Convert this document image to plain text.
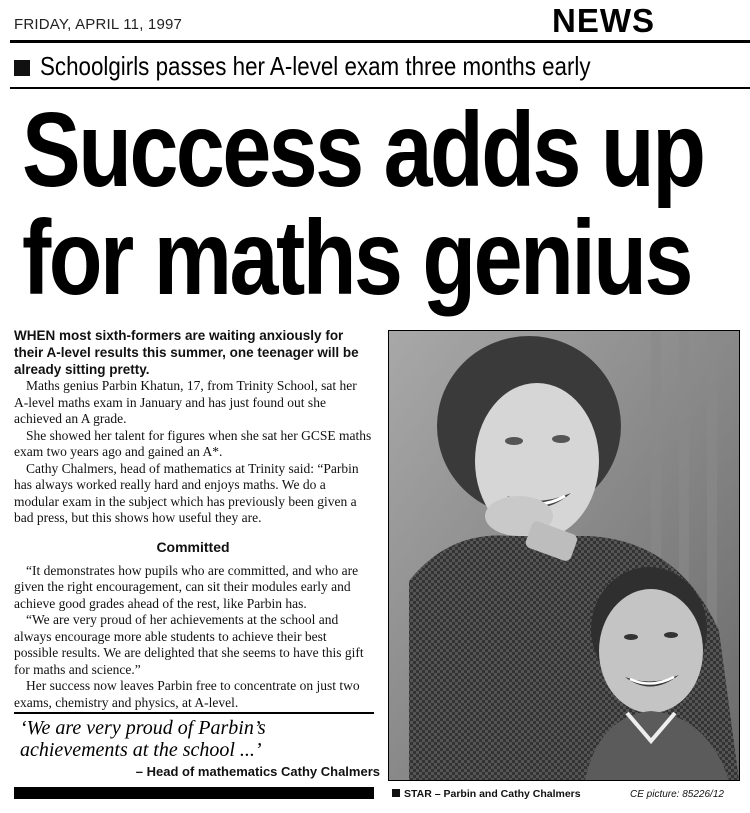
FRIDAY, APRIL 11, 1997	NEWS
Schoolgirls passes her A-level exam three months early
Success adds up
for maths genius

WHEN most sixth-formers are waiting anxiously for their A-level results this summer, one teenager will be already sitting pretty.

Maths genius Parbin Khatun, 17, from Trinity School, sat her A-level maths exam in January and has just found out she achieved an A grade.

She showed her talent for figures when she sat her GCSE maths exam two years ago and gained an A*.

Cathy Chalmers, head of mathematics at Trinity said: “Parbin has always worked really hard and enjoys maths. We do a modular exam in the subject which has previously been given a bad press, but this shows how useful they are.

Committed

“It demonstrates how pupils who are committed, and who are given the right encouragement, can sit their modules early and achieve good grades ahead of the rest, like Parbin has.

“We are very proud of her achievements at the school and always encourage more able students to achieve their best possible results. We are delighted that she seems to have this gift for maths and science.”

Her success now leaves Parbin free to concentrate on just two exams, chemistry and physics, at A-level.

‘We are very proud of Parbin’s achievements at the school ...’
– Head of mathematics Cathy Chalmers
STAR – Parbin and Cathy Chalmers	CE picture: 85226/12
